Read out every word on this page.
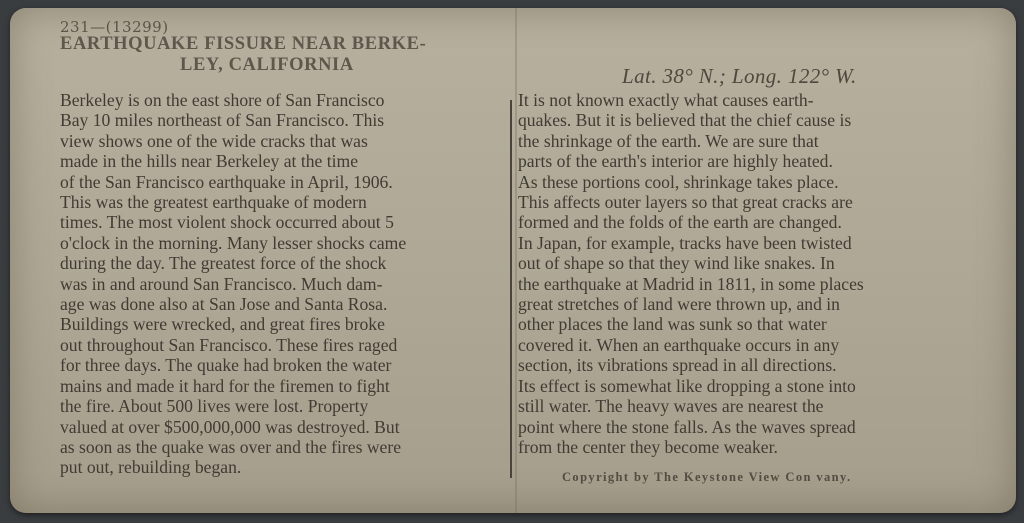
231—(13299)
EARTHQUAKE FISSURE NEAR BERKE-
LEY, CALIFORNIA	Lat. 38° N.; Long. 122° W.
Berkeley is on the east shore of San Francisco
Bay 10 miles northeast of San Francisco. This
view shows one of the wide cracks that was
made in the hills near Berkeley at the time
of the San Francisco earthquake in April, 1906.
This was the greatest earthquake of modern
times. The most violent shock occurred about 5
o'clock in the morning. Many lesser shocks came
during the day. The greatest force of the shock
was in and around San Francisco. Much dam-
age was done also at San Jose and Santa Rosa.
Buildings were wrecked, and great fires broke
out throughout San Francisco. These fires raged
for three days. The quake had broken the water
mains and made it hard for the firemen to fight
the fire. About 500 lives were lost. Property
valued at over $500,000,000 was destroyed. But
as soon as the quake was over and the fires were
put out, rebuilding began.
It is not known exactly what causes earth-
quakes. But it is believed that the chief cause is
the shrinkage of the earth. We are sure that
parts of the earth's interior are highly heated.
As these portions cool, shrinkage takes place.
This affects outer layers so that great cracks are
formed and the folds of the earth are changed.
In Japan, for example, tracks have been twisted
out of shape so that they wind like snakes. In
the earthquake at Madrid in 1811, in some places
great stretches of land were thrown up, and in
other places the land was sunk so that water
covered it. When an earthquake occurs in any
section, its vibrations spread in all directions.
Its effect is somewhat like dropping a stone into
still water. The heavy waves are nearest the
point where the stone falls. As the waves spread
from the center they become weaker.
Copyright by The Keystone View Con vany.
